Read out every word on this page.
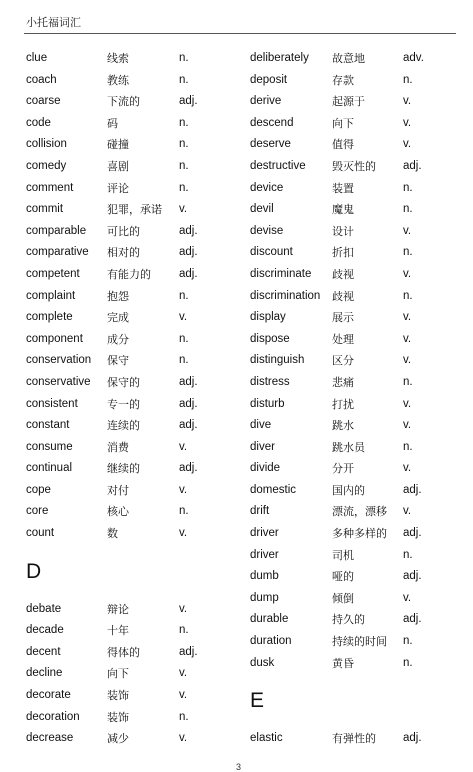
小托福词汇
clue	线索	n.
coach	教练	n.
coarse	下流的	adj.
code	码	n.
collision	碰撞	n.
comedy	喜剧	n.
comment	评论	n.
commit	犯罪，承诺 v.
comparable 可比的	adj.
comparative 相对的	adj.
competent 有能力的 adj.
complaint	抱怨	n.
complete	完成	v.
component 成分	n.
conservation 保守	n.
conservative 保守的	adj.
consistent	专一的	adj.
constant	连续的	adj.
consume	消费	v.
continual	继续的	adj.
cope	对付	v.
core	核心	n.
count	数	v.
D
debate	辩论	v.
decade	十年	n.
decent	得体的	adj.
decline	向下	v.
decorate	装饰	v.
decoration 装饰	n.
decrease	减少	v.
deliberately 故意地	adv.
deposit	存款	n.
derive	起源于	v.
descend	向下	v.
deserve	值得	v.
destructive 毁灭性的 adj.
device	装置	n.
devil	魔鬼	n.
devise	设计	v.
discount	折扣	n.
discriminate 歧视	v.
discrimination 歧视	n.
display	展示	v.
dispose	处理	v.
distinguish	区分	v.
distress	悲痛	n.
disturb	打扰	v.
dive	跳水	v.
diver	跳水员	n.
divide	分开	v.
domestic	国内的	adj.
drift	漂流，漂移 v.
driver	多种多样的 adj.
driver	司机	n.
dumb	哑的	adj.
dump	倾倒	v.
durable	持久的	adj.
duration	持续的时间 n.
dusk	黄昏	n.
E
elastic	有弹性的 adj.
3
